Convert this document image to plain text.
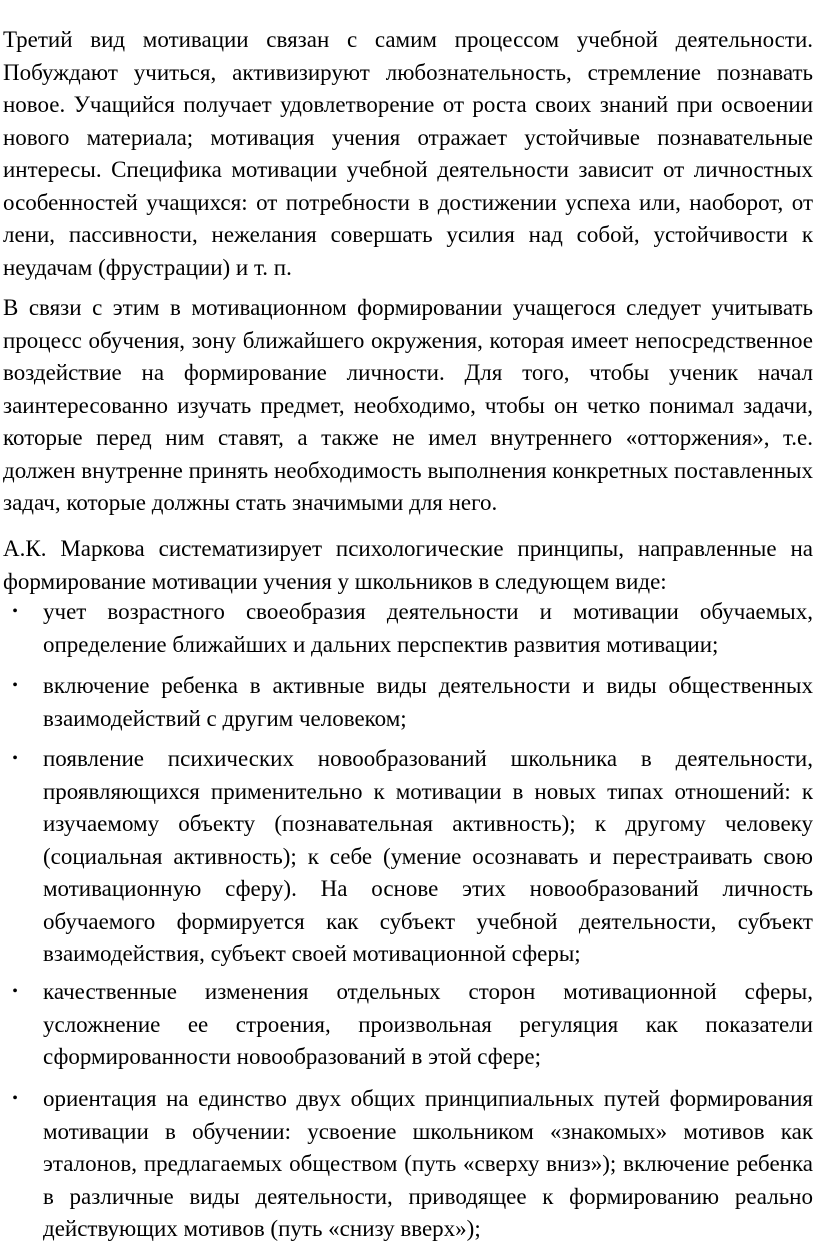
Третий вид мотивации связан с самим процессом учебной деятельности. Побуждают учиться, активизируют любознательность, стремление познавать новое. Учащийся получает удовлетворение от роста своих знаний при освоении нового материала; мотивация учения отражает устойчивые познавательные интересы. Специфика мотивации учебной деятельности зависит от личностных особенностей учащихся: от потребности в достижении успеха или, наоборот, от лени, пассивности, нежелания совершать усилия над собой, устойчивости к неудачам (фрустрации) и т. п.

В связи с этим в мотивационном формировании учащегося следует учитывать процесс обучения, зону ближайшего окружения, которая имеет непосредственное воздействие на формирование личности. Для того, чтобы ученик начал заинтересованно изучать предмет, необходимо, чтобы он четко понимал задачи, которые перед ним ставят, а также не имел внутреннего «отторжения», т.е. должен внутренне принять необходимость выполнения конкретных поставленных задач, которые должны стать значимыми для него.

А.К. Маркова систематизирует психологические принципы, направленные на формирование мотивации учения у школьников в следующем виде:

• учет возрастного своеобразия деятельности и мотивации обучаемых, определение ближайших и дальних перспектив развития мотивации;

• включение ребенка в активные виды деятельности и виды общественных взаимодействий с другим человеком;

• появление психических новообразований школьника в деятельности, проявляющихся применительно к мотивации в новых типах отношений: к изучаемому объекту (познавательная активность); к другому человеку (социальная активность); к себе (умение осознавать и перестраивать свою мотивационную сферу). На основе этих новообразований личность обучаемого формируется как субъект учебной деятельности, субъект взаимодействия, субъект своей мотивационной сферы;

• качественные изменения отдельных сторон мотивационной сферы, усложнение ее строения, произвольная регуляция как показатели сформированности новообразований в этой сфере;

• ориентация на единство двух общих принципиальных путей формирования мотивации в обучении: усвоение школьником «знакомых» мотивов как эталонов, предлагаемых обществом (путь «сверху вниз»); включение ребенка в различные виды деятельности, приводящее к формированию реально действующих мотивов (путь «снизу вверх»);
